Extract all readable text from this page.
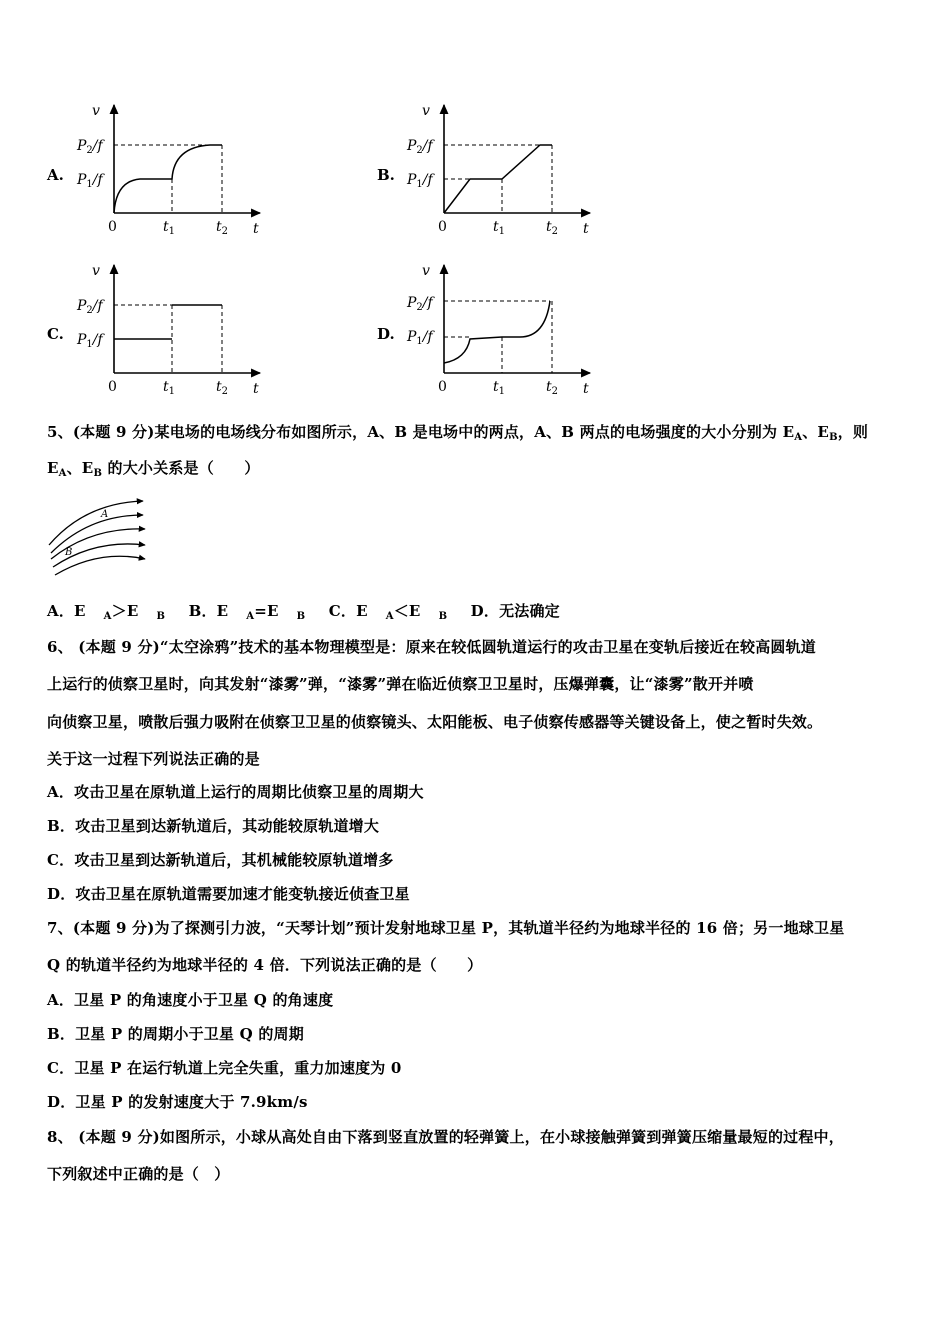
A.
v
t
0
$P_2/f$
$P_1/f$
$t_1$	$t_2$
B.
v
t
0
$P_2/f$
$P_1/f$
$t_1$	$t_2$
C.
v
t
0
$P_2/f$
$P_1/f$
$t_1$	$t_2$
D.
v
t
0
$P_2/f$
$P_1/f$
$t_1$	$t_2$
5、(本题 9 分)某电场的电场线分布如图所示，A、B 是电场中的两点，A、B 两点的电场强度的大小分别为 $E_A$、$E_B$，则
$E_A$、$E_B$ 的大小关系是（　　）
A
B
A．E $_A$＞E $_B$ B．E $_A$=E $_B$ C．E $_A$＜E $_B$ D．无法确定
6、 (本题 9 分)“太空涂鸦”技术的基本物理模型是：原来在较低圆轨道运行的攻击卫星在变轨后接近在较高圆轨道
上运行的侦察卫星时，向其发射“漆雾”弹，“漆雾”弹在临近侦察卫卫星时，压爆弹囊，让“漆雾”散开并喷
向侦察卫星，喷散后强力吸附在侦察卫卫星的侦察镜头、太阳能板、电子侦察传感器等关键设备上，使之暂时失效。
关于这一过程下列说法正确的是
A．攻击卫星在原轨道上运行的周期比侦察卫星的周期大
B．攻击卫星到达新轨道后，其动能较原轨道增大
C．攻击卫星到达新轨道后，其机械能较原轨道增多
D．攻击卫星在原轨道需要加速才能变轨接近侦查卫星
7、(本题 9 分)为了探测引力波，“天琴计划”预计发射地球卫星 P，其轨道半径约为地球半径的 16 倍；另一地球卫星
Q 的轨道半径约为地球半径的 4 倍．下列说法正确的是（　　）
A．卫星 P 的角速度小于卫星 Q 的角速度
B．卫星 P 的周期小于卫星 Q 的周期
C．卫星 P 在运行轨道上完全失重，重力加速度为 0
D．卫星 P 的发射速度大于 7.9km/s
8、 (本题 9 分)如图所示，小球从高处自由下落到竖直放置的轻弹簧上，在小球接触弹簧到弹簧压缩量最短的过程中，
下列叙述中正确的是（　）
